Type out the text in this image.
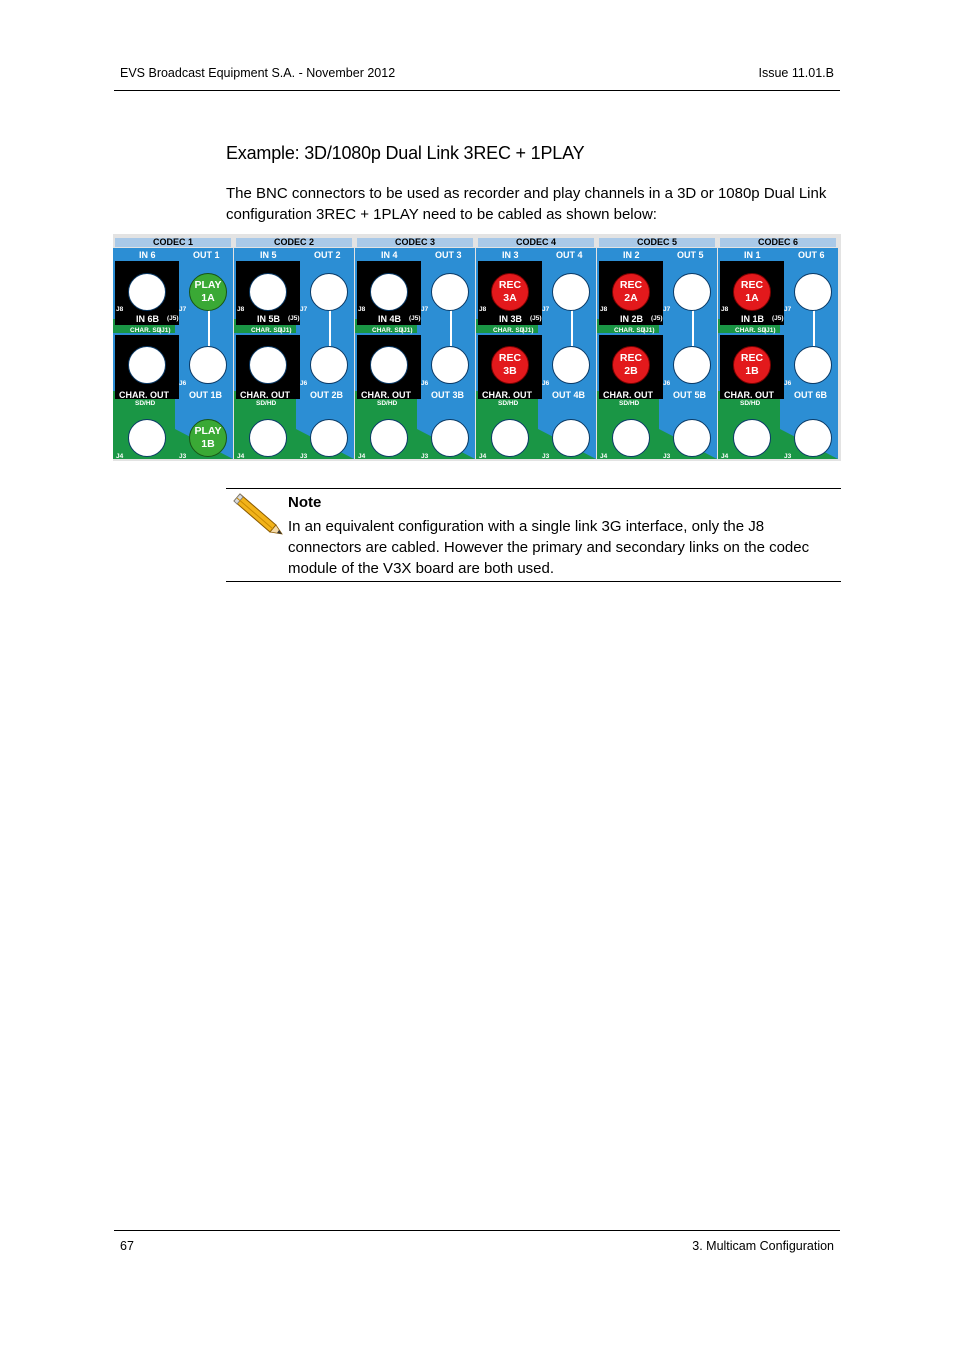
EVS Broadcast Equipment S.A. - November 2012	Issue 11.01.B
Example: 3D/1080p Dual Link 3REC + 1PLAY

The BNC connectors to be used as recorder and play channels in a 3D or 1080p Dual Link configuration 3REC + 1PLAY need to be cabled as shown below:

CODEC 1
IN 6	OUT 1
PLAY
1A
PLAY
1B
J8	J7
J6
J4	J3
IN 6B (J5)
CHAR. SD
(J1)
CHAR. OUT
SD/HD
OUT 1B
CODEC 2
IN 5	OUT 2
J8	J7
J6
J4	J3
IN 5B (J5)
CHAR. SD
(J1)
CHAR. OUT
SD/HD
OUT 2B
CODEC 3
IN 4	OUT 3
J8	J7
J6
J4	J3
IN 4B (J5)
CHAR. SD
(J1)
CHAR. OUT
SD/HD
OUT 3B
CODEC 4
IN 3	OUT 4
REC
3A
REC
3B
J8	J7
J6
J4	J3
IN 3B (J5)
CHAR. SD
(J1)
CHAR. OUT
SD/HD
OUT 4B
CODEC 5
IN 2	OUT 5
REC
2A
REC
2B
J8	J7
J6
J4	J3
IN 2B (J5)
CHAR. SD
(J1)
CHAR. OUT
SD/HD
OUT 5B
CODEC 6
IN 1	OUT 6
REC
1A
REC
1B
J8	J7
J6
J4	J3
IN 1B (J5)
CHAR. SD
(J1)
CHAR. OUT
SD/HD
OUT 6B
Note
In an equivalent configuration with a single link 3G interface, only the J8 connectors are cabled. However the primary and secondary links on the codec module of the V3X board are both used.
67	3. Multicam Configuration
